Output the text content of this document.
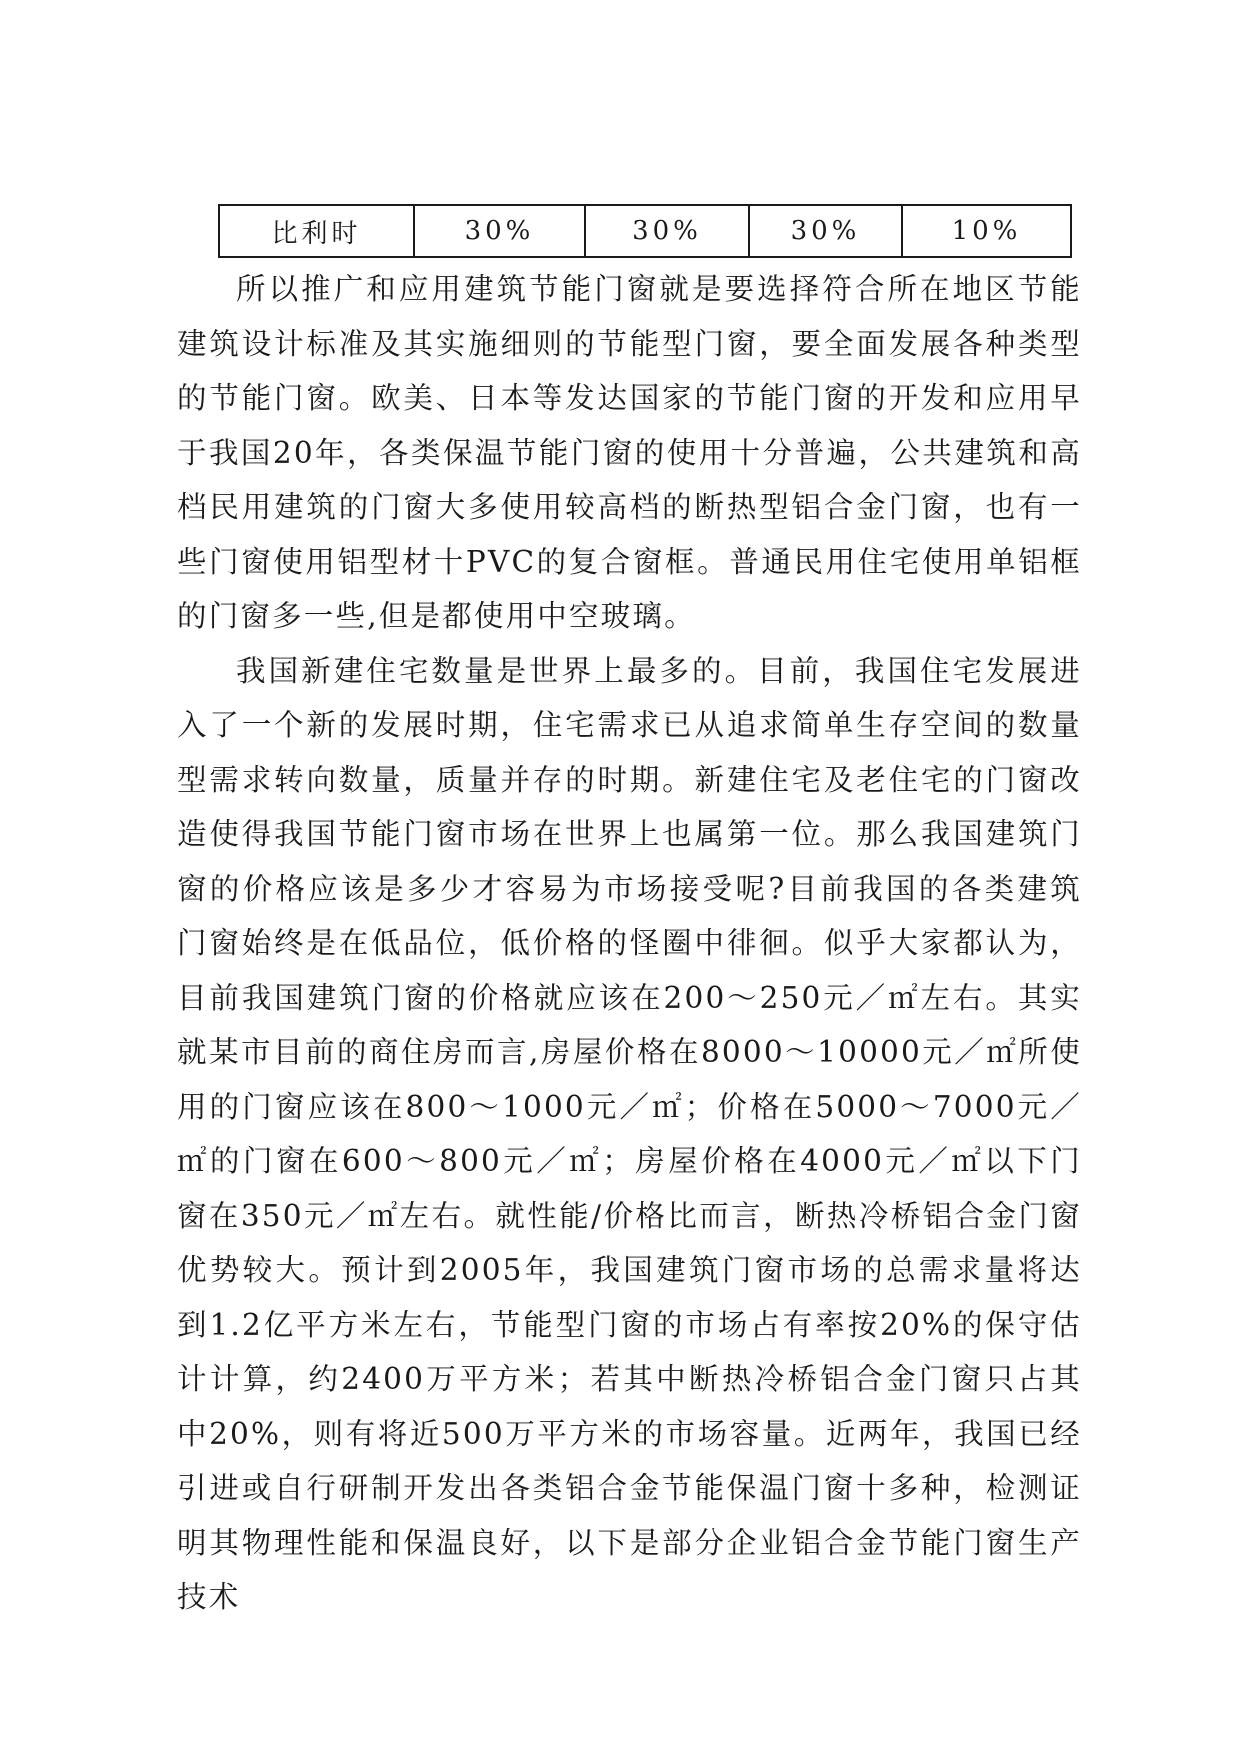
比利时	30%	30%	30%	10%

所以推广和应用建筑节能门窗就是要选择符合所在地区节能建筑设计标准及其实施细则的节能型门窗，要全面发展各种类型的节能门窗。欧美、日本等发达国家的节能门窗的开发和应用早于我国20年，各类保温节能门窗的使用十分普遍，公共建筑和高档民用建筑的门窗大多使用较高档的断热型铝合金门窗，也有一些门窗使用铝型材十PVC的复合窗框。普通民用住宅使用单铝框的门窗多一些,但是都使用中空玻璃。

我国新建住宅数量是世界上最多的。目前，我国住宅发展进入了一个新的发展时期，住宅需求已从追求简单生存空间的数量型需求转向数量，质量并存的时期。新建住宅及老住宅的门窗改造使得我国节能门窗市场在世界上也属第一位。那么我国建筑门窗的价格应该是多少才容易为市场接受呢?目前我国的各类建筑门窗始终是在低品位，低价格的怪圈中徘徊。似乎大家都认为，目前我国建筑门窗的价格就应该在200～250元／㎡左右。其实就某市目前的商住房而言,房屋价格在8000～10000元／㎡所使用的门窗应该在800～1000元／㎡；价格在5000～7000元／㎡的门窗在600～800元／㎡；房屋价格在4000元／㎡以下门窗在350元／㎡左右。就性能/价格比而言，断热冷桥铝合金门窗优势较大。预计到2005年，我国建筑门窗市场的总需求量将达到1.2亿平方米左右，节能型门窗的市场占有率按20%的保守估计计算，约2400万平方米；若其中断热冷桥铝合金门窗只占其中20%，则有将近500万平方米的市场容量。近两年，我国已经引进或自行研制开发出各类铝合金节能保温门窗十多种，检测证明其物理性能和保温良好，以下是部分企业铝合金节能门窗生产技术
